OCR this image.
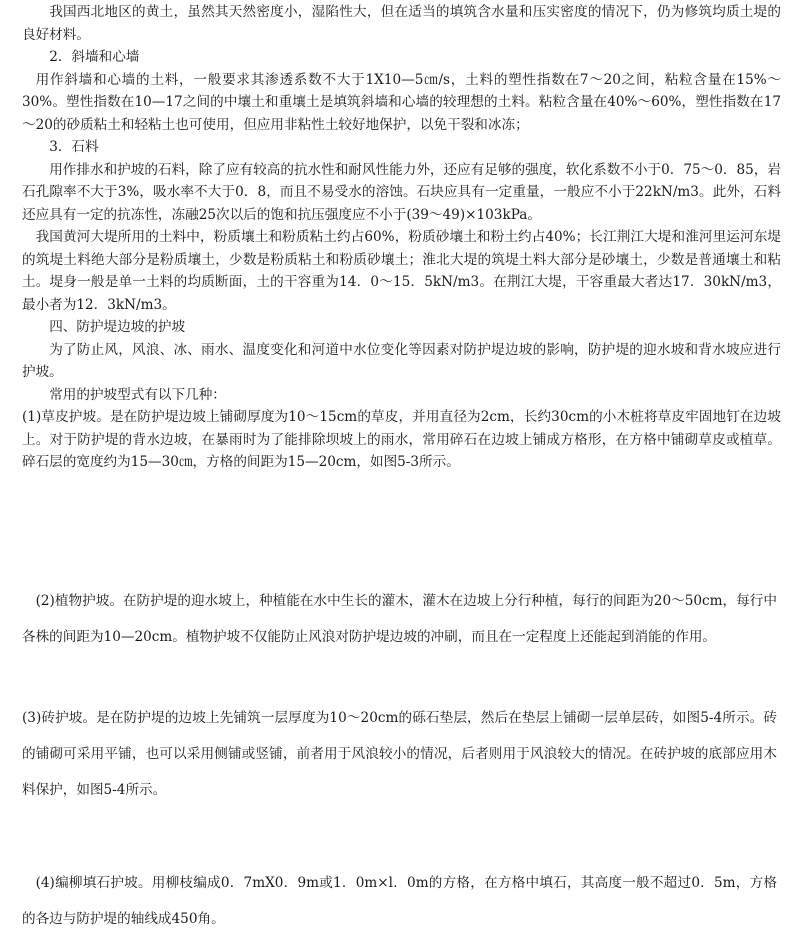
我国西北地区的黄土，虽然其天然密度小，湿陷性大，但在适当的填筑含水量和压实密度的情况下，仍为修筑均质土堤的良好材料。

2．斜墙和心墙

用作斜墙和心墙的土料，一般要求其渗透系数不大于1X10—5㎝/s，土料的塑性指数在7～20之间，粘粒含量在15%～30%。塑性指数在10—17之间的中壤土和重壤土是填筑斜墙和心墙的较理想的土料。粘粒含量在40%～60%，塑性指数在17～20的砂质粘土和轻粘土也可使用，但应用非粘性土较好地保护，以免干裂和冰冻；

3．石料

用作排水和护坡的石料，除了应有较高的抗水性和耐风性能力外，还应有足够的强度，软化系数不小于0．75～0．85，岩石孔隙率不大于3%，吸水率不大于0．8，而且不易受水的溶蚀。石块应具有一定重量，一般应不小于22kN/m3。此外，石料还应具有一定的抗冻性，冻融25次以后的饱和抗压强度应不小于(39～49)×103kPa。

我国黄河大堤所用的土料中，粉质壤土和粉质粘土约占60%，粉质砂壤土和粉土约占40%；长江荆江大堤和淮河里运河东堤的筑堤土料绝大部分是粉质壤土，少数是粉质粘土和粉质砂壤土；淮北大堤的筑堤土料大部分是砂壤土，少数是普通壤土和粘土。堤身一般是单一土料的均质断面，土的干容重为14．0～15．5kN/m3。在荆江大堤，干容重最大者达17．30kN/m3，最小者为12．3kN/m3。

四、防护堤边坡的护坡

为了防止风，风浪、冰、雨水、温度变化和河道中水位变化等因素对防护堤边坡的影响，防护堤的迎水坡和背水坡应进行护坡。

常用的护坡型式有以下几种：

(1)草皮护坡。是在防护堤边坡上铺砌厚度为10～15cm的草皮，并用直径为2cm，长约30cm的小木桩将草皮牢固地钉在边坡上。对于防护堤的背水边坡，在暴雨时为了能排除坝坡上的雨水，常用碎石在边坡上铺成方格形，在方格中铺砌草皮或植草。碎石层的宽度约为15—30㎝，方格的间距为15—20cm，如图5-3所示。

(2)植物护坡。在防护堤的迎水坡上，种植能在水中生长的灌木，灌木在边坡上分行种植，每行的间距为20～50cm，每行中各株的间距为10—20cm。植物护坡不仅能防止风浪对防护堤边坡的冲刷，而且在一定程度上还能起到消能的作用。

(3)砖护坡。是在防护堤的边坡上先铺筑一层厚度为10～20cm的砾石垫层，然后在垫层上铺砌一层单层砖，如图5-4所示。砖的铺砌可采用平铺，也可以采用侧铺或竖铺，前者用于风浪较小的情况，后者则用于风浪较大的情况。在砖护坡的底部应用木料保护，如图5-4所示。

(4)编柳填石护坡。用柳枝编成0．7mX0．9m或1．0m×l．0m的方格，在方格中填石，其高度一般不超过0．5m，方格的各边与防护堤的轴线成450角。
